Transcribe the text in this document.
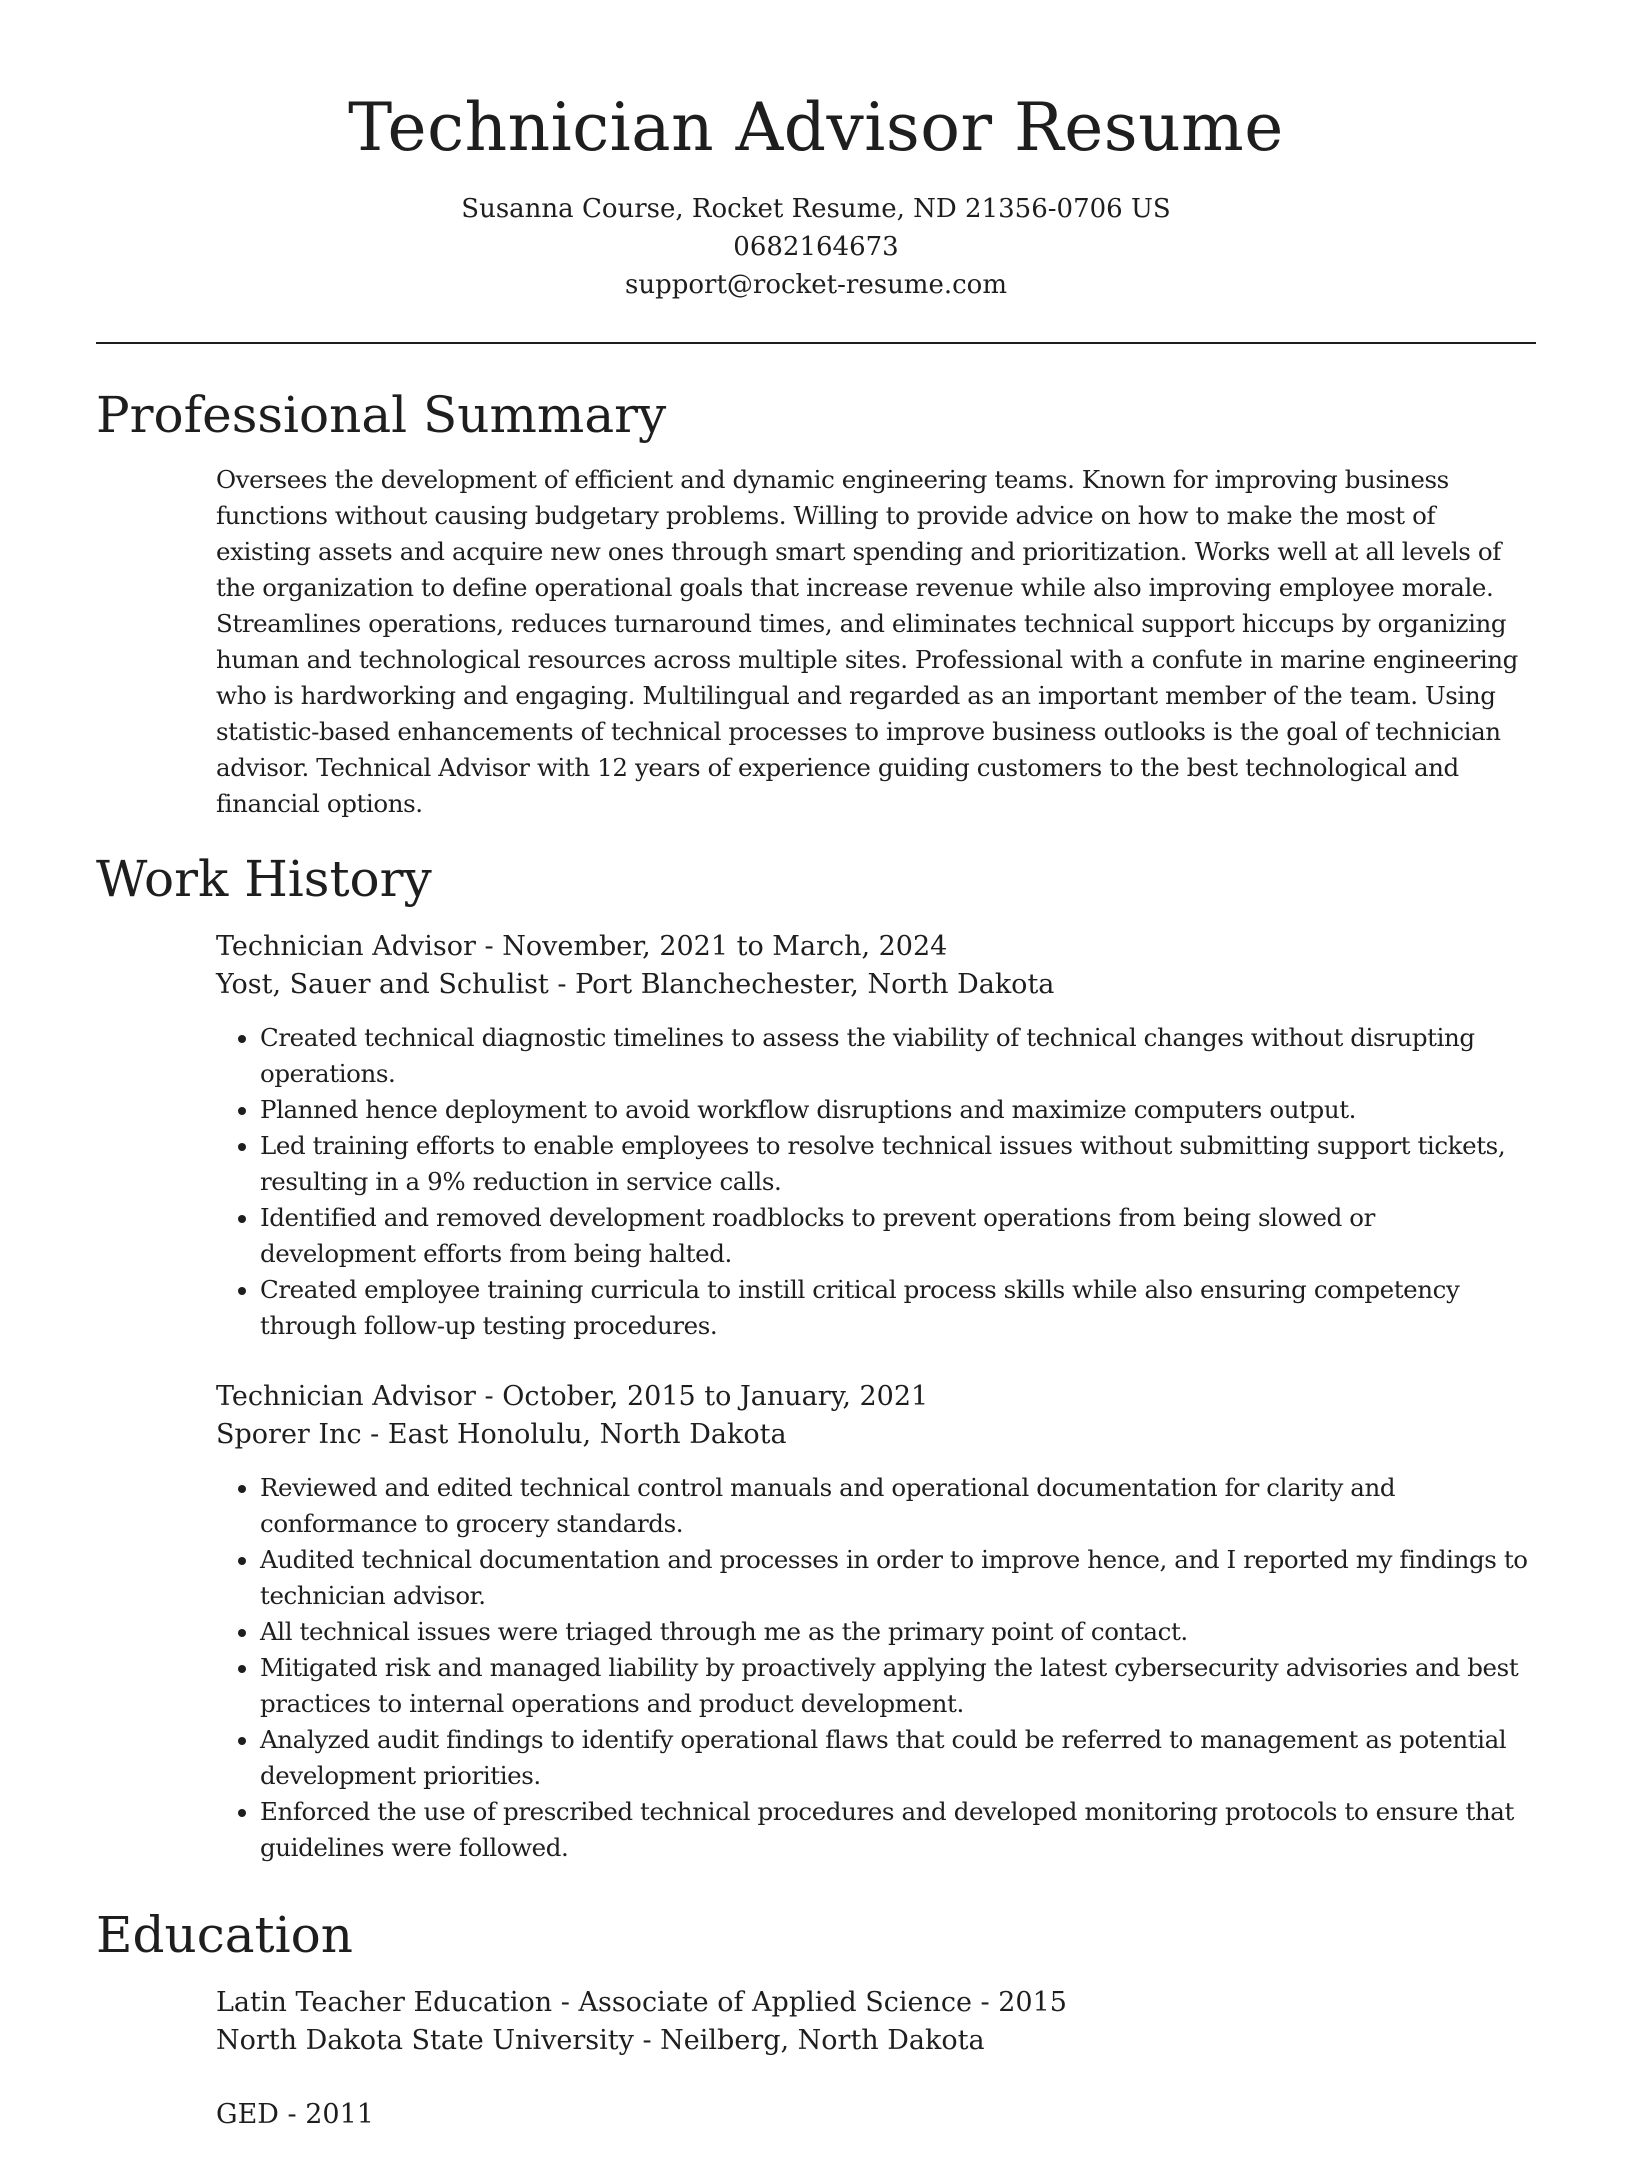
Technician Advisor Resume
Susanna Course, Rocket Resume, ND 21356-0706 US
0682164673
support@rocket-resume.com
Professional Summary

Oversees the development of efficient and dynamic engineering teams. Known for improving business functions without causing budgetary problems. Willing to provide advice on how to make the most of existing assets and acquire new ones through smart spending and prioritization. Works well at all levels of the organization to define operational goals that increase revenue while also improving employee morale. Streamlines operations, reduces turnaround times, and eliminates technical support hiccups by organizing human and technological resources across multiple sites. Professional with a confute in marine engineering who is hardworking and engaging. Multilingual and regarded as an important member of the team. Using statistic-based enhancements of technical processes to improve business outlooks is the goal of technician advisor. Technical Advisor with 12 years of experience guiding customers to the best technological and financial options.

Work History
Technician Advisor - November, 2021 to March, 2024
Yost, Sauer and Schulist - Port Blanchechester, North Dakota
• Created technical diagnostic timelines to assess the viability of technical changes without disrupting operations.
• Planned hence deployment to avoid workflow disruptions and maximize computers output.
• Led training efforts to enable employees to resolve technical issues without submitting support tickets, resulting in a 9% reduction in service calls.
• Identified and removed development roadblocks to prevent operations from being slowed or development efforts from being halted.
• Created employee training curricula to instill critical process skills while also ensuring competency through follow-up testing procedures.
Technician Advisor - October, 2015 to January, 2021
Sporer Inc - East Honolulu, North Dakota
• Reviewed and edited technical control manuals and operational documentation for clarity and conformance to grocery standards.
• Audited technical documentation and processes in order to improve hence, and I reported my findings to technician advisor.
• All technical issues were triaged through me as the primary point of contact.
• Mitigated risk and managed liability by proactively applying the latest cybersecurity advisories and best practices to internal operations and product development.
• Analyzed audit findings to identify operational flaws that could be referred to management as potential development priorities.
• Enforced the use of prescribed technical procedures and developed monitoring protocols to ensure that guidelines were followed.
Education
Latin Teacher Education - Associate of Applied Science - 2015
North Dakota State University - Neilberg, North Dakota
GED - 2011
